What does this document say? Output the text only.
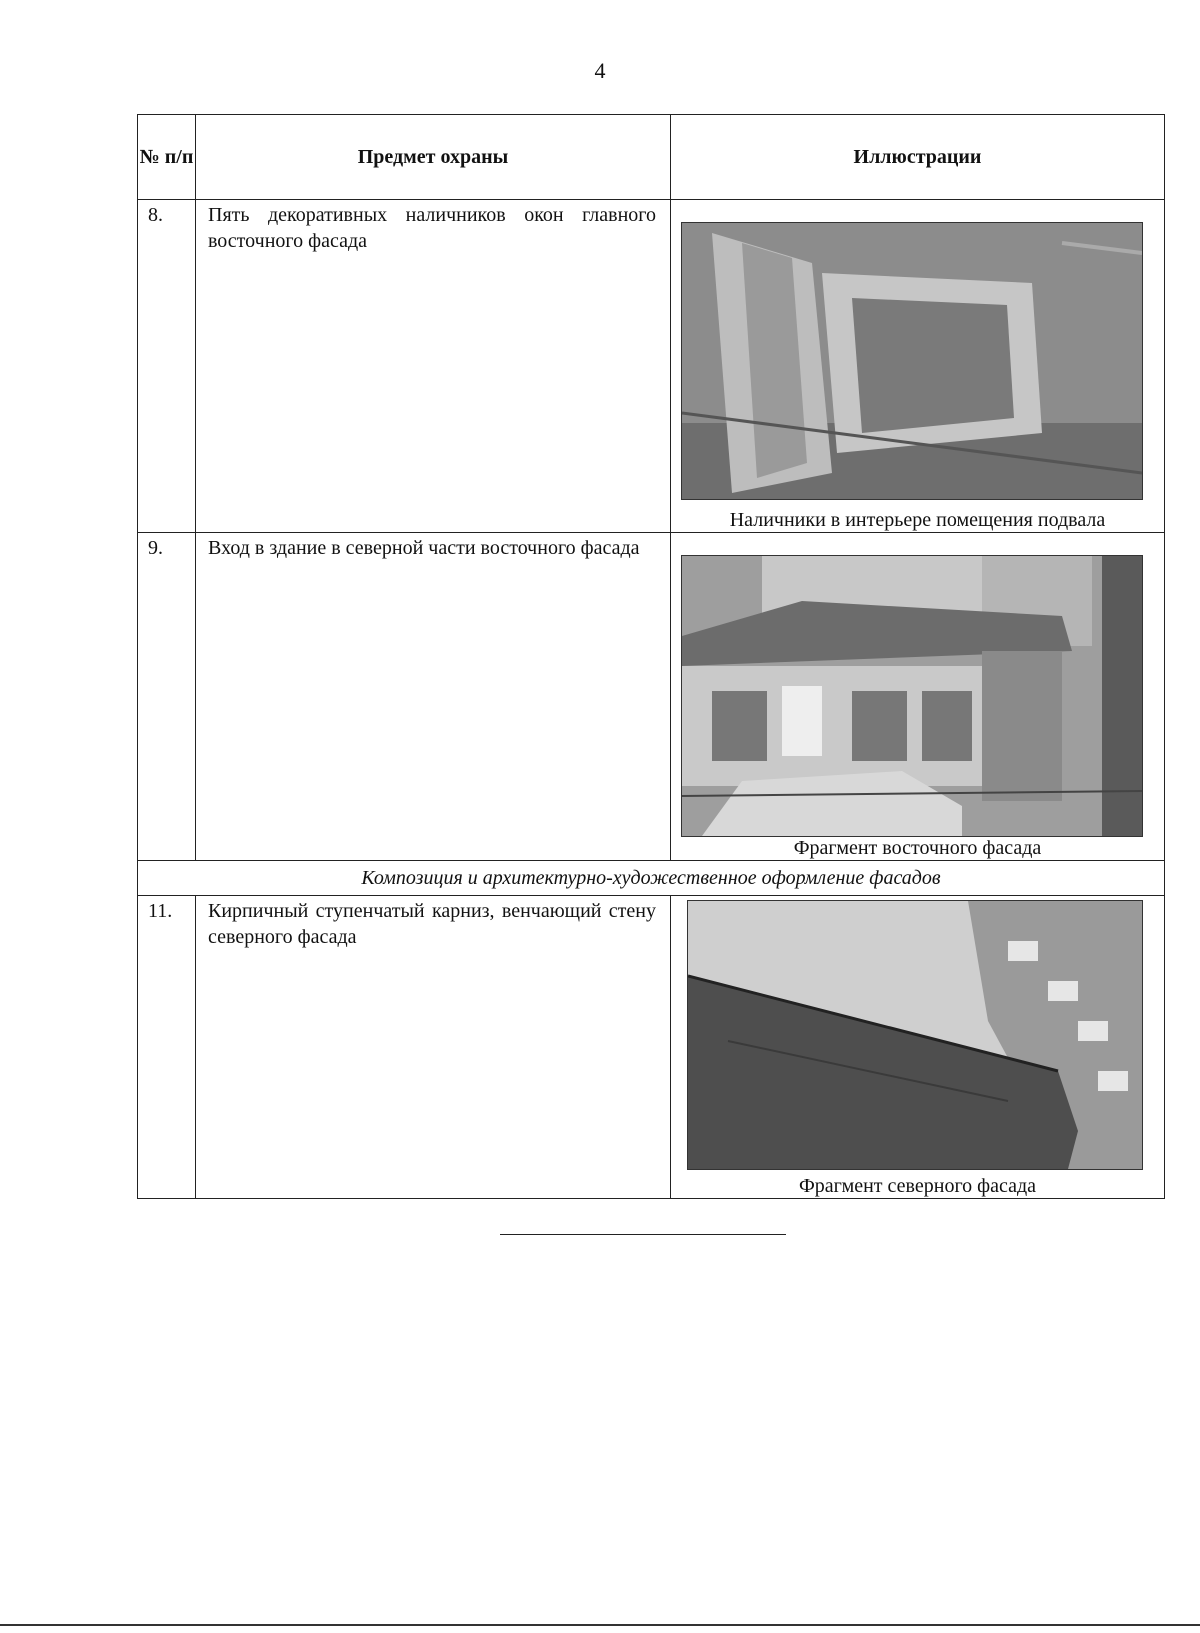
4
№ п/п	Предмет охраны	Иллюстрации

8.	Пять декоративных наличников окон главного восточного фасада	Наличники в интерьере помещения подвала

9.	Вход в здание в северной части восточного фасада	Фрагмент восточного фасада

Композиция и архитектурно-художественное оформление фасадов		

11.	Кирпичный ступенчатый карниз, венчающий стену северного фасада	Фрагмент северного фасада
